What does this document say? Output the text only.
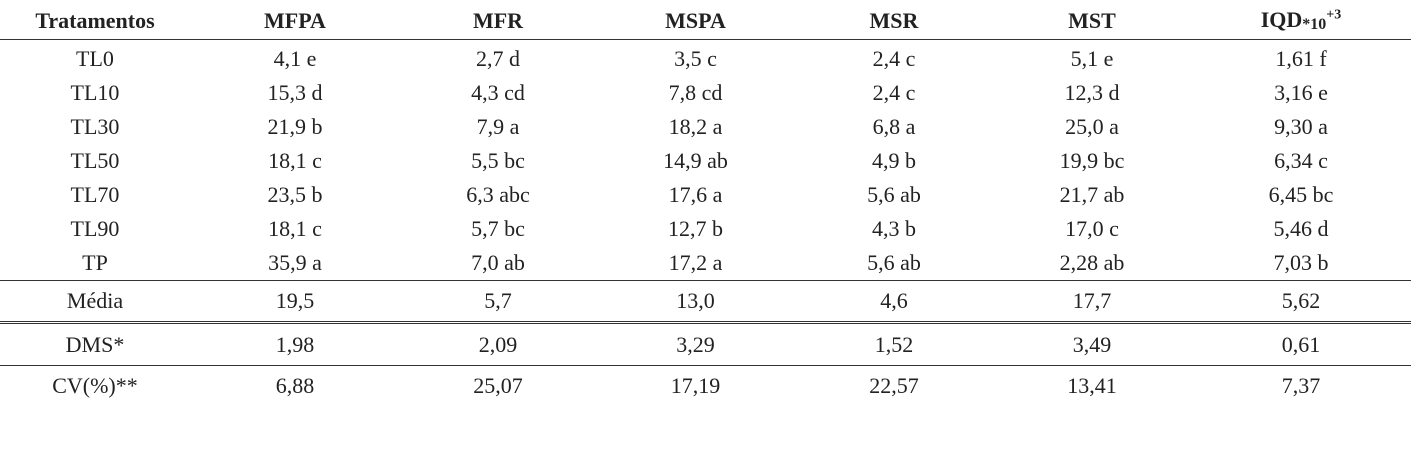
Tratamentos	MFPA	MFR	MSPA	MSR	MST	$IQD*10^{+3}$
TL0	4,1 e	2,7 d	3,5 c	2,4 c	5,1 e	1,61 f
TL10	15,3 d	4,3 cd	7,8 cd	2,4 c	12,3 d	3,16 e
TL30	21,9 b	7,9 a	18,2 a	6,8 a	25,0 a	9,30 a
TL50	18,1 c	5,5 bc	14,9 ab	4,9 b	19,9 bc	6,34 c
TL70	23,5 b	6,3 abc	17,6 a	5,6 ab	21,7 ab	6,45 bc
TL90	18,1 c	5,7 bc	12,7 b	4,3 b	17,0 c	5,46 d
TP	35,9 a	7,0 ab	17,2 a	5,6 ab	2,28 ab	7,03 b
Média	19,5	5,7	13,0	4,6	17,7	5,62
DMS*	1,98	2,09	3,29	1,52	3,49	0,61
CV(%)**	6,88	25,07	17,19	22,57	13,41	7,37
